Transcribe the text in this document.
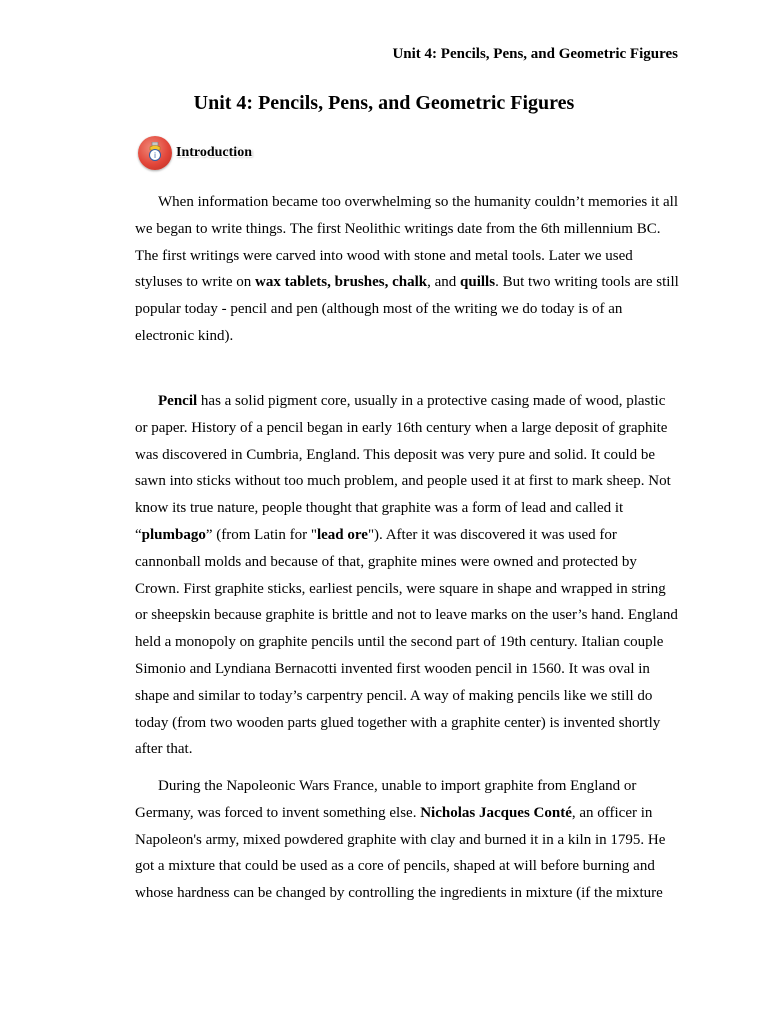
Unit 4: Pencils, Pens, and Geometric Figures
Unit 4: Pencils, Pens, and Geometric Figures
i Introduction

When information became too overwhelming so the humanity couldn’t memories it all we began to write things. The first Neolithic writings date from the 6th millennium BC. The first writings were carved into wood with stone and metal tools. Later we used styluses to write on wax tablets, brushes, chalk, and quills. But two writing tools are still popular today - pencil and pen (although most of the writing we do today is of an electronic kind).

Pencil has a solid pigment core, usually in a protective casing made of wood, plastic or paper. History of a pencil began in early 16th century when a large deposit of graphite was discovered in Cumbria, England. This deposit was very pure and solid. It could be sawn into sticks without too much problem, and people used it at first to mark sheep. Not know its true nature, people thought that graphite was a form of lead and called it “plumbago” (from Latin for "lead ore"). After it was discovered it was used for cannonball molds and because of that, graphite mines were owned and protected by Crown. First graphite sticks, earliest pencils, were square in shape and wrapped in string or sheepskin because graphite is brittle and not to leave marks on the user’s hand. England held a monopoly on graphite pencils until the second part of 19th century. Italian couple Simonio and Lyndiana Bernacotti invented first wooden pencil in 1560. It was oval in shape and similar to today’s carpentry pencil. A way of making pencils like we still do today (from two wooden parts glued together with a graphite center) is invented shortly after that.

During the Napoleonic Wars France, unable to import graphite from England or Germany, was forced to invent something else. Nicholas Jacques Conté, an officer in Napoleon's army, mixed powdered graphite with clay and burned it in a kiln in 1795. He got a mixture that could be used as a core of pencils, shaped at will before burning and whose hardness can be changed by controlling the ingredients in mixture (if the mixture
